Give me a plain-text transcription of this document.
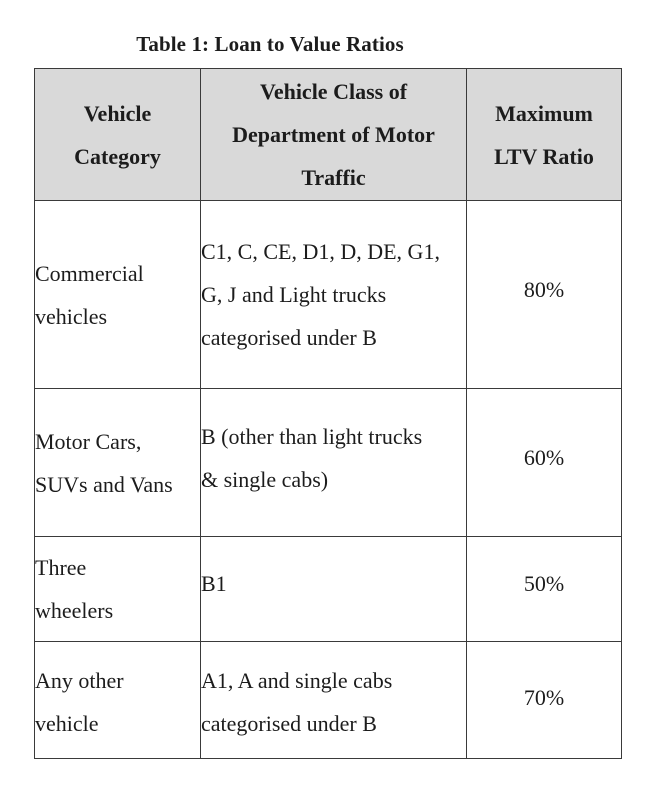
Table 1: Loan to Value Ratios
Vehicle Category	Vehicle Class of Department of Motor Traffic	Maximum LTV Ratio
Commercial vehicles	C1, C, CE, D1, D, DE, G1, G, J and Light trucks categorised under B	80%
Motor Cars, SUVs and Vans	B (other than light trucks & single cabs)	60%
Three wheelers	B1	50%
Any other vehicle	A1, A and single cabs categorised under B	70%
